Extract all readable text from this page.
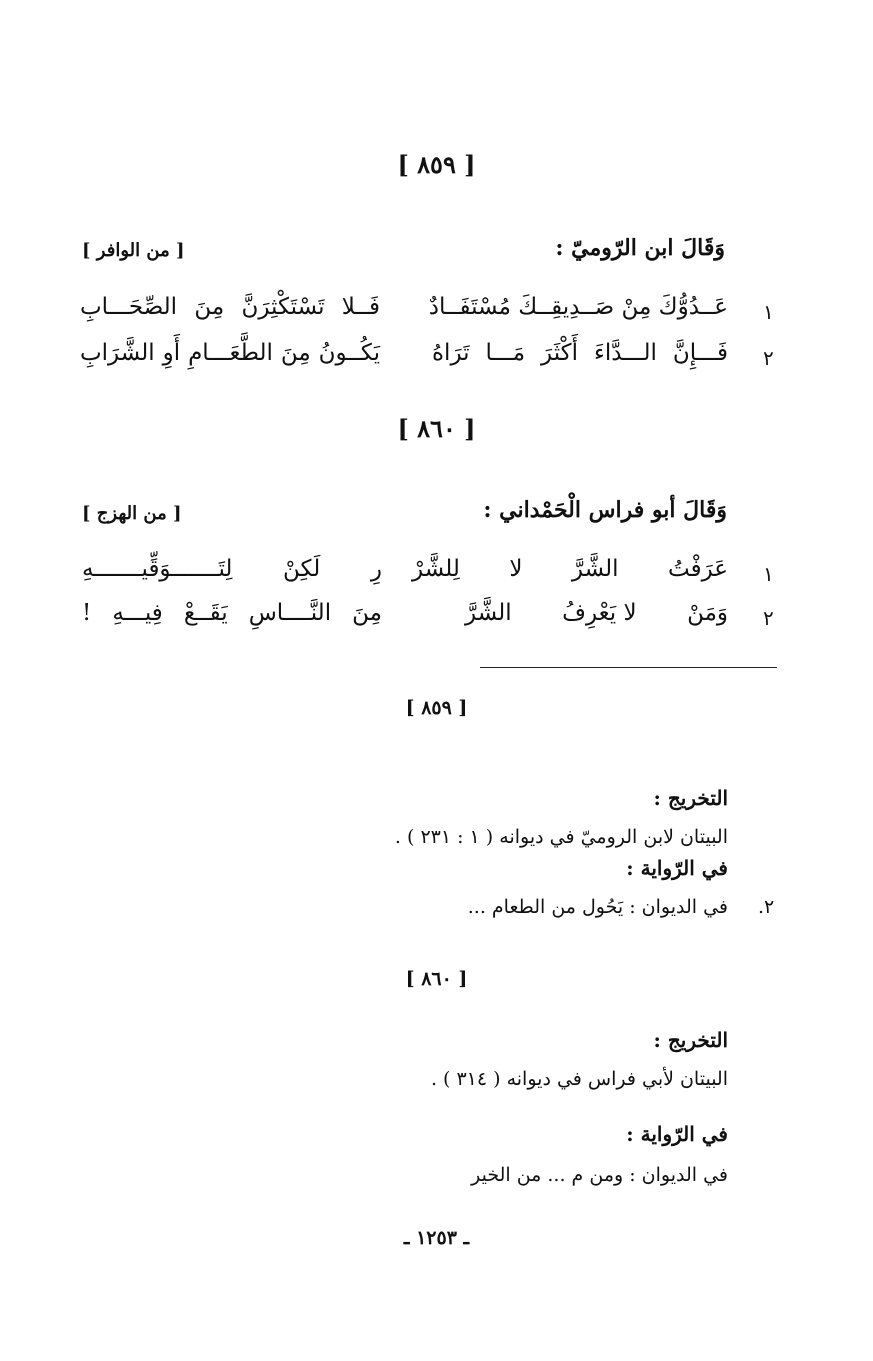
[ ٨٥٩ ]
وَقَالَ ابن الرّوميّ :
[ من الوافر ]
١
عَــدُوُّكَ مِنْ صَــدِيقِــكَ مُسْتَفَــادٌ
فَــلا تَسْتَكْثِرَنَّ مِنَ الصِّحَـــابِ
٢
فَـــإِنَّ الـــدَّاءَ أَكْثَرَ مَـــا تَرَاهُ
يَكُــونُ مِنَ الطَّعَـــامِ أَوِ الشَّرَابِ
[ ٨٦٠ ]
وَقَالَ أبو فراس الْحَمْداني :
[ من الهزج ]
١
عَرَفْتُ
الشَّرَّ
لا
لِلشَّرْ
رِ لَكِنْ لِتَـــــــوَقِّيـــــــهِ
٢
وَمَنْ
لا يَعْرِفُ
الشَّرَّ
مِنَ النَّــــاسِ يَقَــعْ فِيـــهِ !
[ ٨٥٩ ]
التخريج :
البيتان لابن الروميّ في ديوانه ( ١ : ٢٣١ ) .
في الرّواية :
٢.
في الديوان : يَحُول من الطعام ...
[ ٨٦٠ ]
التخريج :
البيتان لأبي فراس في ديوانه ( ٣١٤ ) .
في الرّواية :
في الديوان : ومن م ... من الخير
ـ ١٢٥٣ ـ
